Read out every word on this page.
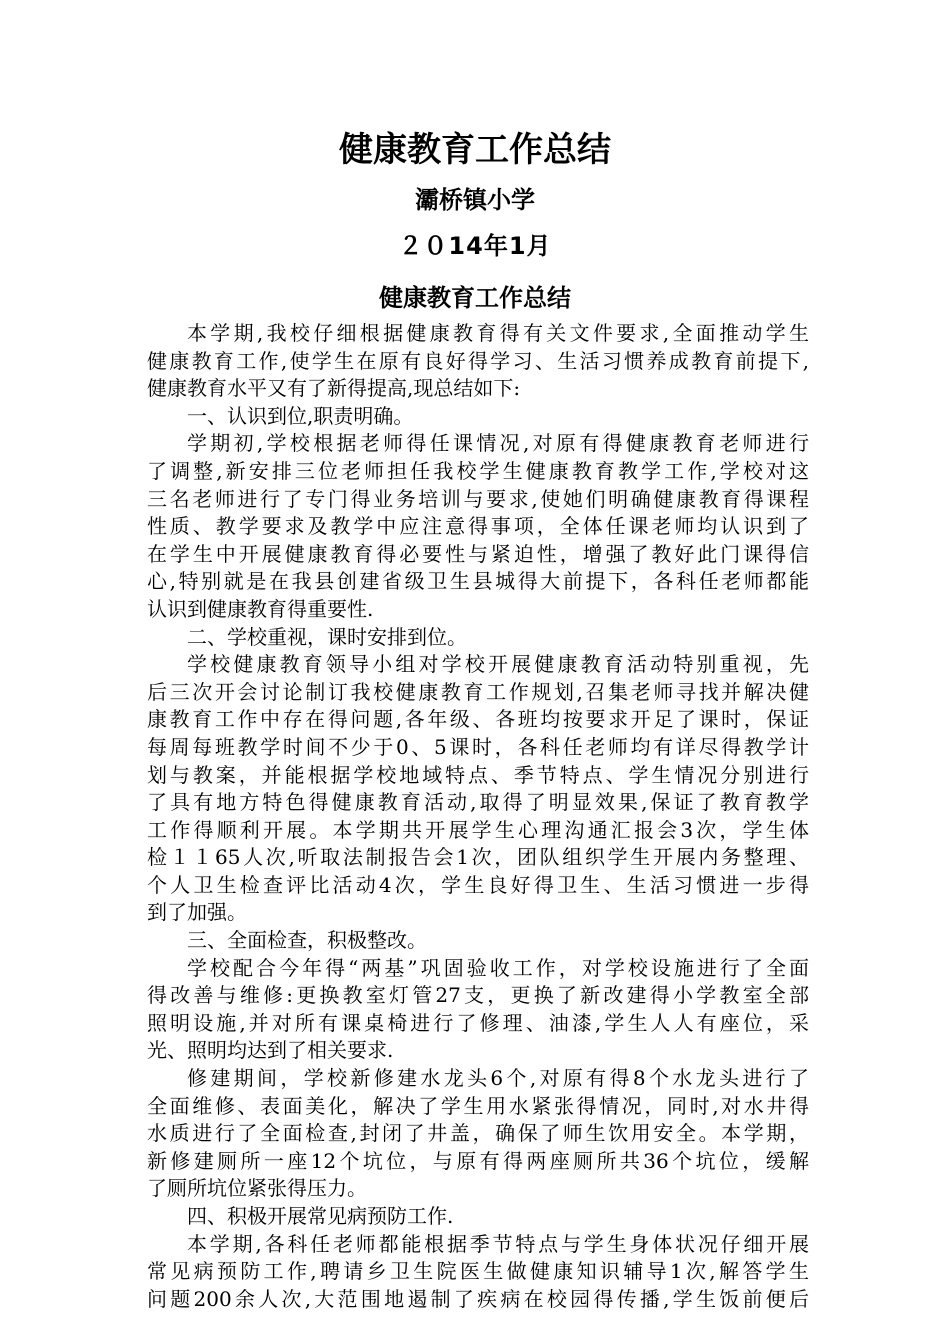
健康教育工作总结
灞桥镇小学
２０14年1月
健康教育工作总结
本学期,我校仔细根据健康教育得有关文件要求,全面推动学生
健康教育工作,使学生在原有良好得学习、生活习惯养成教育前提下,
健康教育水平又有了新得提高,现总结如下:
一、认识到位,职责明确。
学期初,学校根据老师得任课情况,对原有得健康教育老师进行
了调整,新安排三位老师担任我校学生健康教育教学工作,学校对这
三名老师进行了专门得业务培训与要求,使她们明确健康教育得课程
性质、教学要求及教学中应注意得事项，全体任课老师均认识到了
在学生中开展健康教育得必要性与紧迫性，增强了教好此门课得信
心,特别就是在我县创建省级卫生县城得大前提下，各科任老师都能
认识到健康教育得重要性.
二、学校重视，课时安排到位。
学校健康教育领导小组对学校开展健康教育活动特别重视，先
后三次开会讨论制订我校健康教育工作规划,召集老师寻找并解决健
康教育工作中存在得问题,各年级、各班均按要求开足了课时，保证
每周每班教学时间不少于0、5课时，各科任老师均有详尽得教学计
划与教案，并能根据学校地域特点、季节特点、学生情况分别进行
了具有地方特色得健康教育活动,取得了明显效果,保证了教育教学
工作得顺利开展。本学期共开展学生心理沟通汇报会3次，学生体
检１１65人次,听取法制报告会1次，团队组织学生开展内务整理、
个人卫生检查评比活动4次，学生良好得卫生、生活习惯进一步得
到了加强。
三、全面检查，积极整改。
学校配合今年得“两基”巩固验收工作，对学校设施进行了全面
得改善与维修:更换教室灯管27支，更换了新改建得小学教室全部
照明设施,并对所有课桌椅进行了修理、油漆,学生人人有座位，采
光、照明均达到了相关要求.
修建期间，学校新修建水龙头6个,对原有得8个水龙头进行了
全面维修、表面美化，解决了学生用水紧张得情况，同时,对水井得
水质进行了全面检查,封闭了井盖，确保了师生饮用安全。本学期，
新修建厕所一座12个坑位，与原有得两座厕所共36个坑位，缓解
了厕所坑位紧张得压力。
四、积极开展常见病预防工作.
本学期,各科任老师都能根据季节特点与学生身体状况仔细开展
常见病预防工作,聘请乡卫生院医生做健康知识辅导1次,解答学生
问题200余人次,大范围地遏制了疾病在校园得传播,学生饭前便后
